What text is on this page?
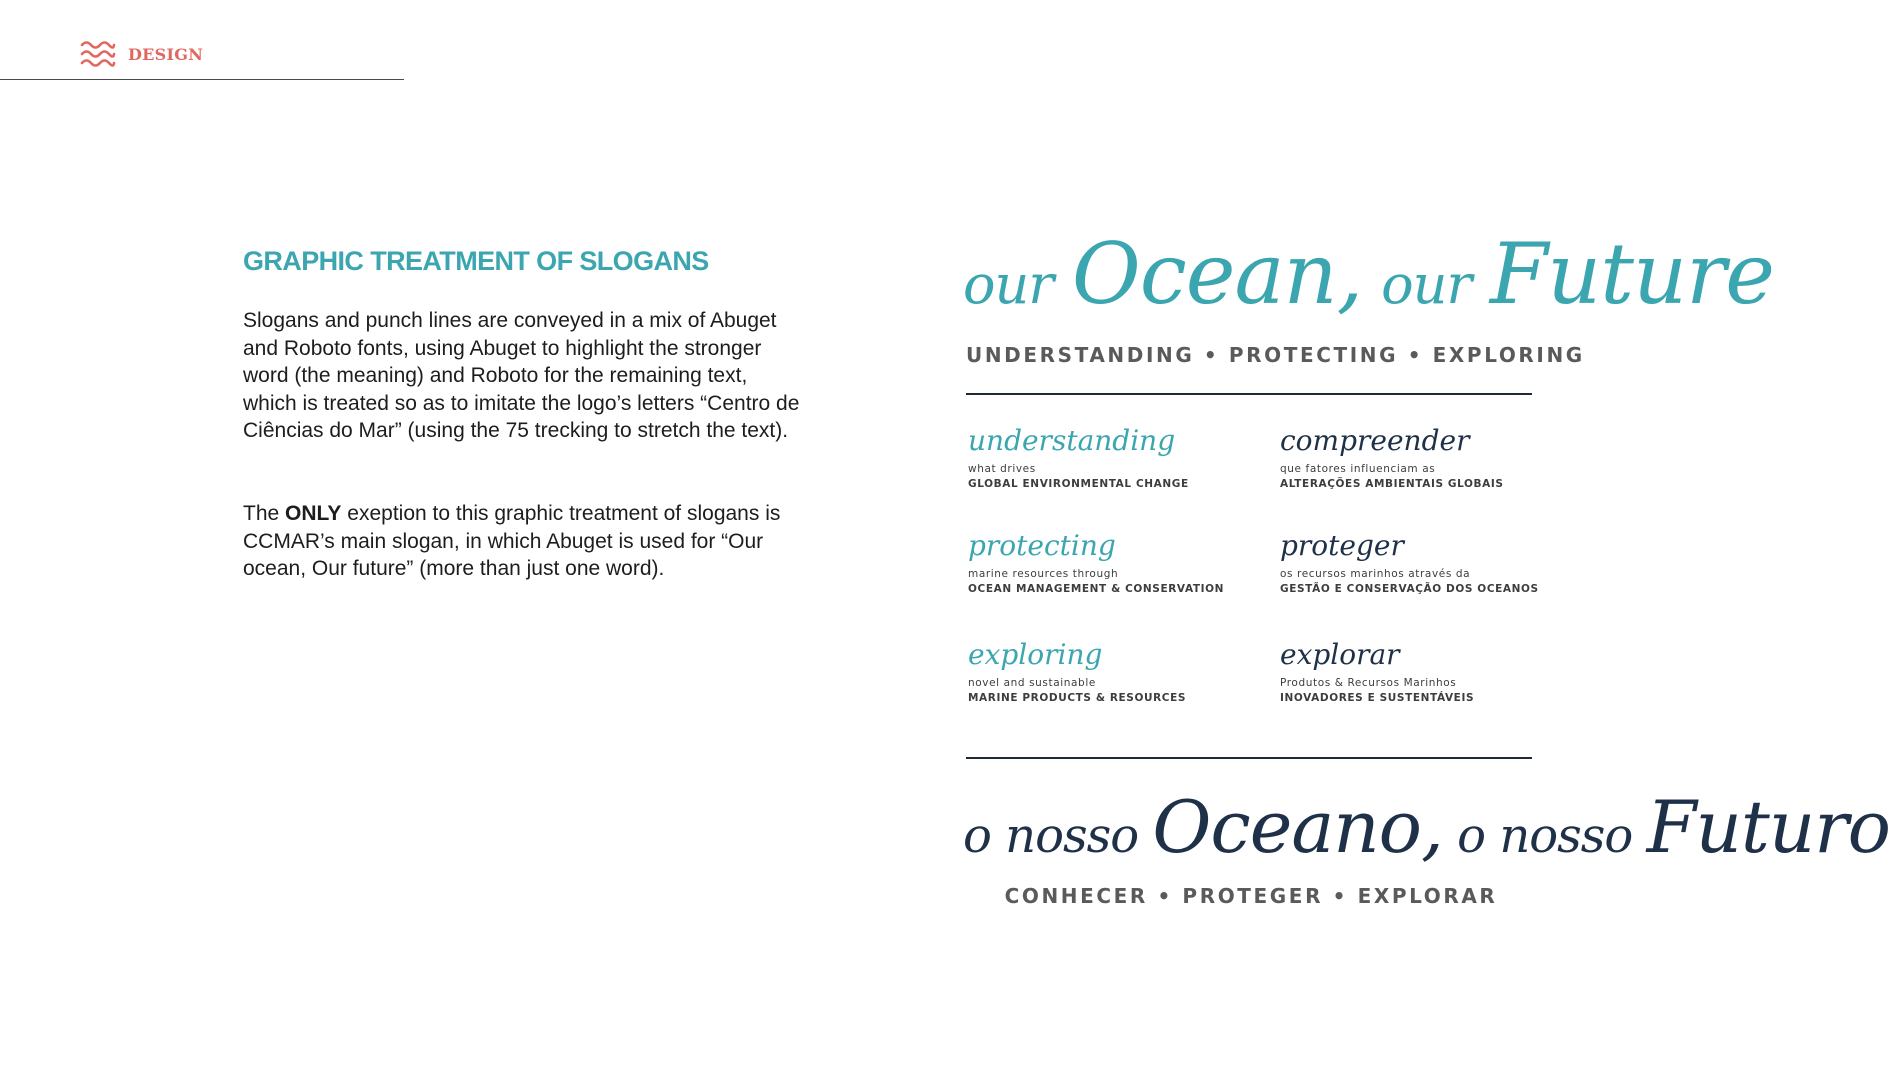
DESIGN
GRAPHIC TREATMENT OF SLOGANS

Slogans and punch lines are conveyed in a mix of Abuget and Roboto fonts, using Abuget to highlight the stronger word (the meaning) and Roboto for the remaining text, which is treated so as to imitate the logo’s letters “Centro de Ciências do Mar” (using the 75 trecking to stretch the text).

The ONLY exeption to this graphic treatment of slogans is CCMAR’s main slogan, in which Abuget is used for “Our ocean, Our future” (more than just one word).

our Ocean, our Future

UNDERSTANDING • PROTECTING • EXPLORING

understanding
what drives
GLOBAL ENVIRONMENTAL CHANGE
compreender
que fatores influenciam as
ALTERAÇÕES AMBIENTAIS GLOBAIS
protecting
marine resources through
OCEAN MANAGEMENT & CONSERVATION
proteger
os recursos marinhos através da
GESTÃO E CONSERVAÇÃO DOS OCEANOS
exploring
novel and sustainable
MARINE PRODUCTS & RESOURCES
explorar
Produtos & Recursos Marinhos
INOVADORES E SUSTENTÁVEIS
o nosso Oceano, o nosso Futuro

CONHECER • PROTEGER • EXPLORAR
